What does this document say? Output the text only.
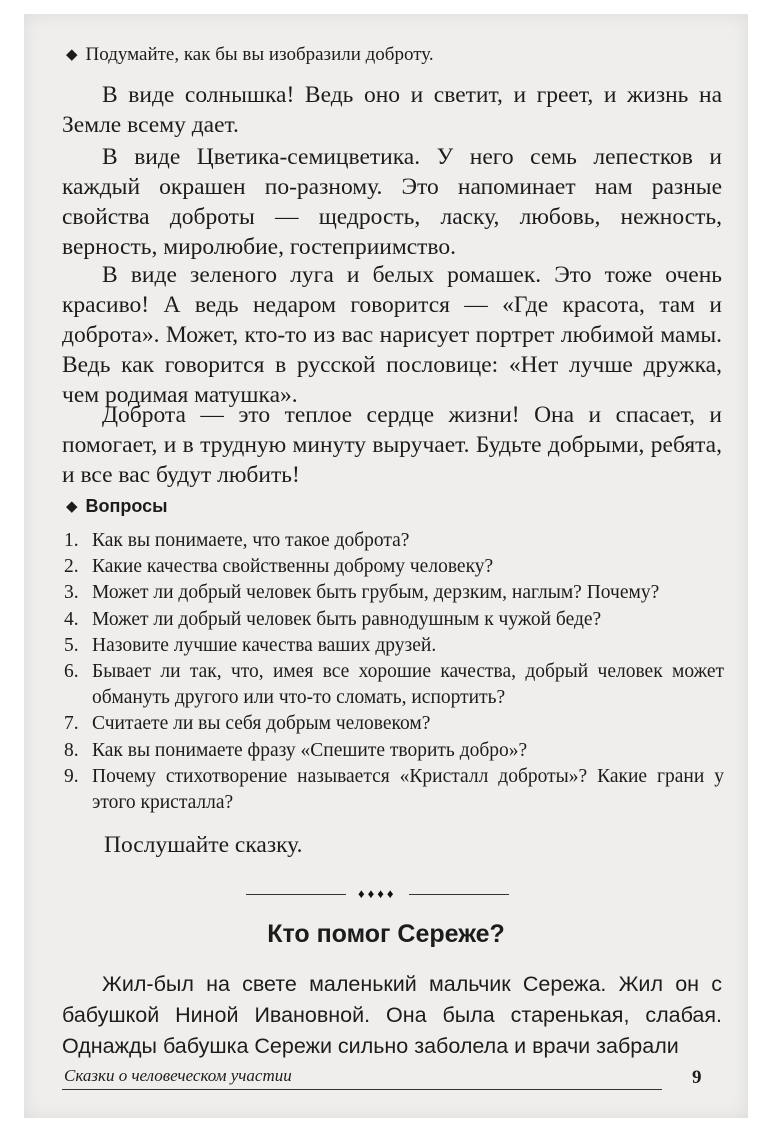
◆ Подумайте, как бы вы изобразили доброту.

В виде солнышка! Ведь оно и светит, и греет, и жизнь на Земле всему дает.

В виде Цветика-семицветика. У него семь лепестков и каждый окрашен по-разному. Это напоминает нам разные свойства доброты — щедрость, ласку, любовь, нежность, верность, миролюбие, гостеприимство.

В виде зеленого луга и белых ромашек. Это тоже очень красиво! А ведь недаром говорится — «Где красота, там и доброта». Может, кто-то из вас нарисует портрет любимой мамы. Ведь как говорится в русской пословице: «Нет лучше дружка, чем родимая матушка».

Доброта — это теплое сердце жизни! Она и спасает, и помогает, и в трудную минуту выручает. Будьте добрыми, ребята, и все вас будут любить!

◆ Вопросы
1. Как вы понимаете, что такое доброта?
2. Какие качества свойственны доброму человеку?
3. Может ли добрый человек быть грубым, дерзким, наглым? Почему?
4. Может ли добрый человек быть равнодушным к чужой беде?
5. Назовите лучшие качества ваших друзей.
6. Бывает ли так, что, имея все хорошие качества, добрый человек может обмануть другого или что-то сломать, испортить?
7. Считаете ли вы себя добрым человеком?
8. Как вы понимаете фразу «Спешите творить добро»?
9. Почему стихотворение называется «Кристалл доброты»? Какие грани у этого кристалла?
Послушайте сказку.
♦♦♦♦
Кто помог Сереже?

Жил-был на свете маленький мальчик Сережа. Жил он с бабушкой Ниной Ивановной. Она была старенькая, слабая. Однажды бабушка Сережи сильно заболела и врачи забрали

Сказки о человеческом участии	9
